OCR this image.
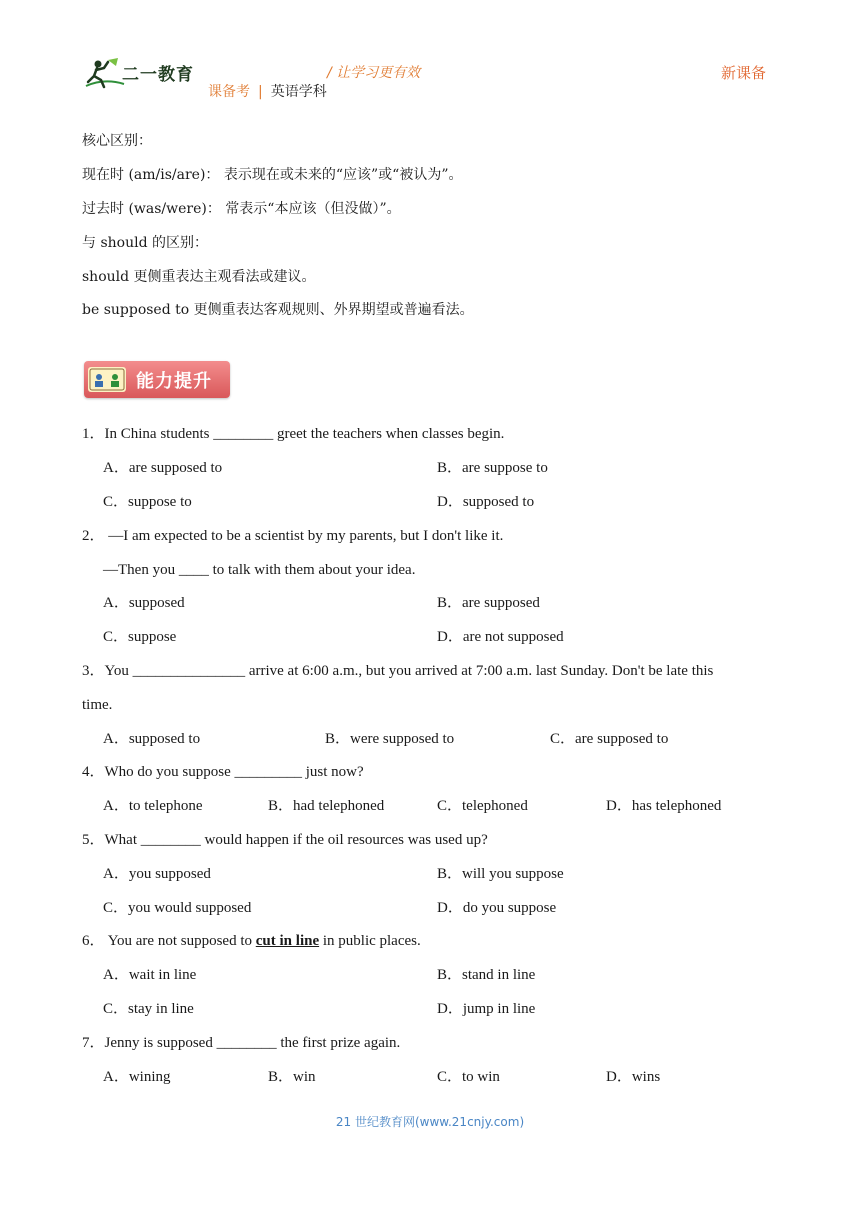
二一教育	/ 让学习更有效
课备考 | 英语学科
新课备
核心区别：
现在时 (am/is/are)： 表示现在或未来的“应该”或“被认为”。
过去时 (was/were)： 常表示“本应该（但没做）”。
与 should 的区别：
should 更侧重表达主观看法或建议。
be supposed to 更侧重表达客观规则、外界期望或普遍看法。
能力提升
1．In China students ________ greet the teachers when classes begin.
A．are supposed to	B．are suppose to
C．suppose to	D．supposed to
2． —I am expected to be a scientist by my parents, but I don't like it.
—Then you ____ to talk with them about your idea.
A．supposed	B．are supposed
C．suppose	D．are not supposed
3．You _______________ arrive at 6:00 a.m., but you arrived at 7:00 a.m. last Sunday. Don't be late this
time.
A．supposed to	B．were supposed to	C．are supposed to
4．Who do you suppose _________ just now?
A．to telephone	B．had telephoned	C．telephoned	D．has telephoned
5．What ________ would happen if the oil resources was used up?
A．you supposed	B．will you suppose
C．you would supposed	D．do you suppose
6． You are not supposed to cut in line in public places.
A．wait in line	B．stand in line
C．stay in line	D．jump in line
7．Jenny is supposed ________ the first prize again.
A．wining	B．win	C．to win	D．wins
21 世纪教育网(www.21cnjy.com)
